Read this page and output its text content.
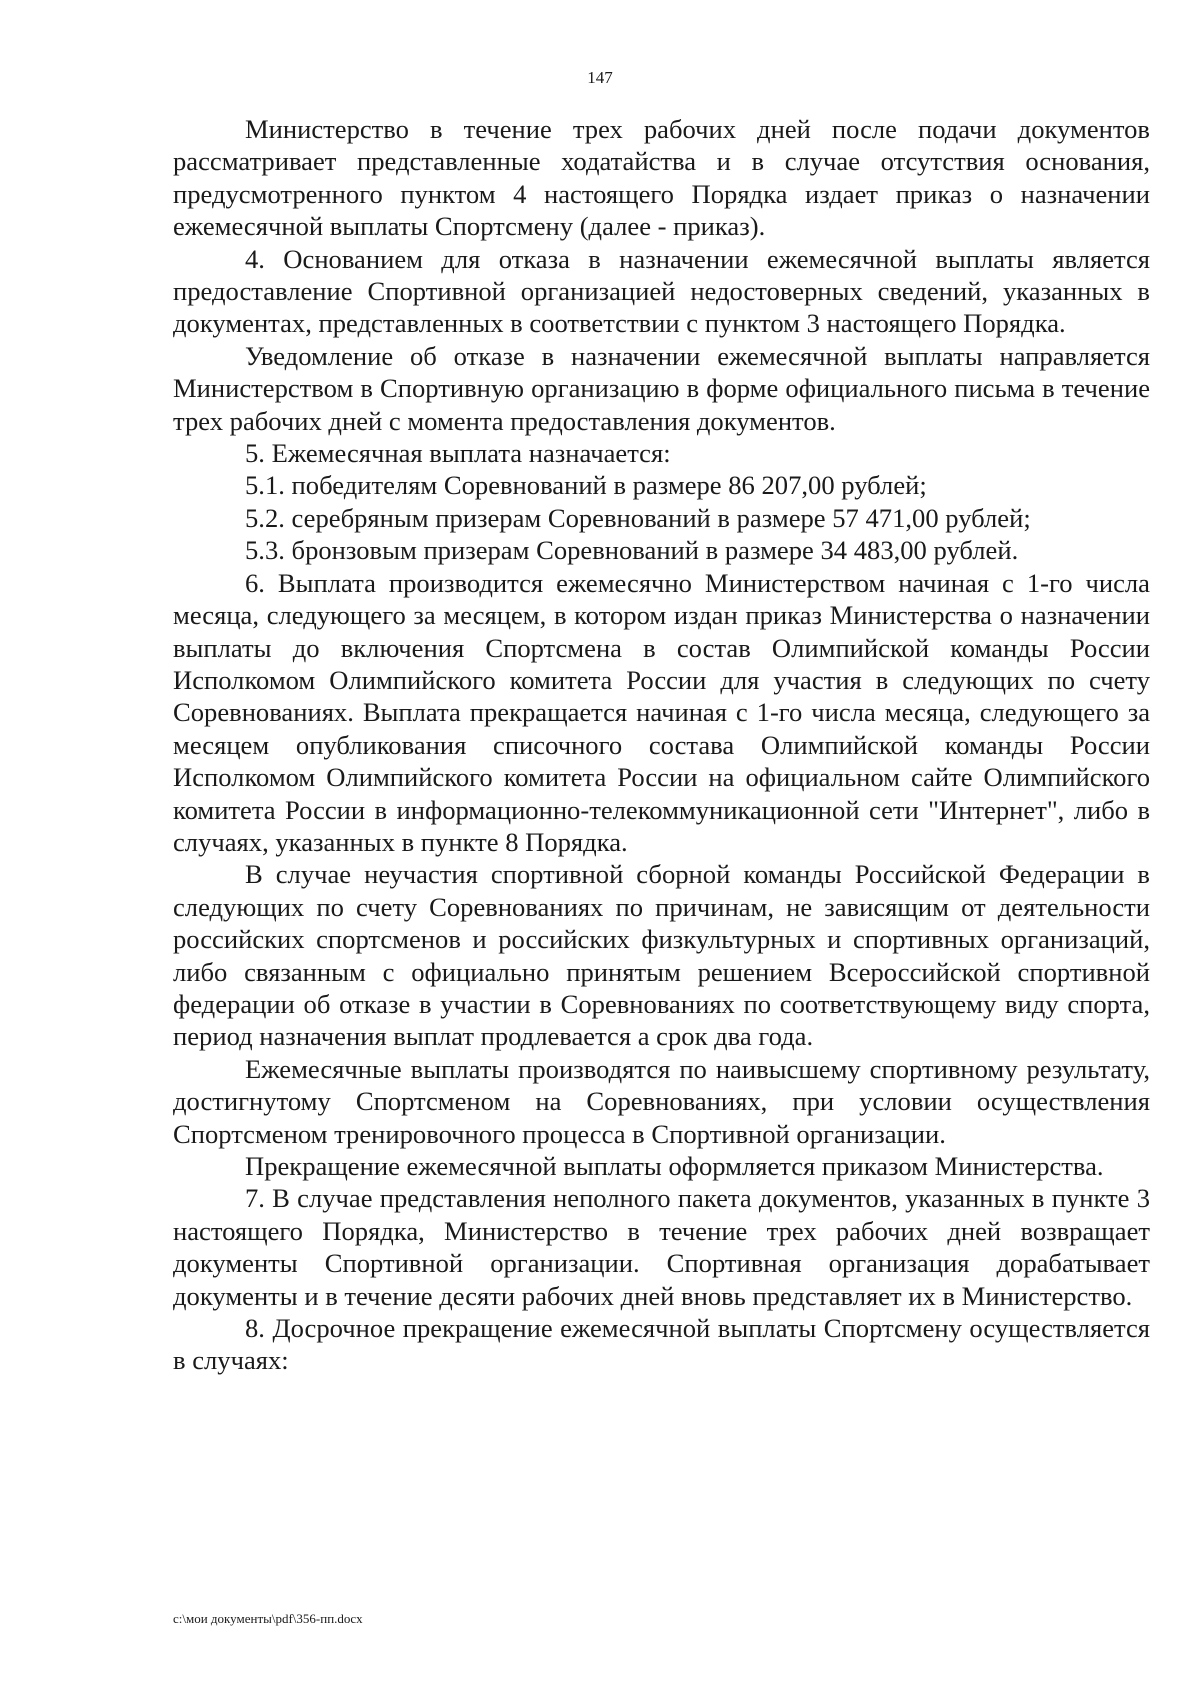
147

Министерство в течение трех рабочих дней после подачи документов рассматривает представленные ходатайства и в случае отсутствия основания, предусмотренного пунктом 4 настоящего Порядка издает приказ о назначении ежемесячной выплаты Спортсмену (далее - приказ).

4. Основанием для отказа в назначении ежемесячной выплаты является предоставление Спортивной организацией недостоверных сведений, указанных в документах, представленных в соответствии с пунктом 3 настоящего Порядка.

Уведомление об отказе в назначении ежемесячной выплаты направляется Министерством в Спортивную организацию в форме официального письма в течение трех рабочих дней с момента предоставления документов.

5. Ежемесячная выплата назначается:

5.1. победителям Соревнований в размере 86 207,00 рублей;

5.2. серебряным призерам Соревнований в размере 57 471,00 рублей;

5.3. бронзовым призерам Соревнований в размере 34 483,00 рублей.

6. Выплата производится ежемесячно Министерством начиная с 1-го числа месяца, следующего за месяцем, в котором издан приказ Министерства о назначении выплаты до включения Спортсмена в состав Олимпийской команды России Исполкомом Олимпийского комитета России для участия в следующих по счету Соревнованиях. Выплата прекращается начиная с 1-го числа месяца, следующего за месяцем опубликования списочного состава Олимпийской команды России Исполкомом Олимпийского комитета России на официальном сайте Олимпийского комитета России в информационно-телекоммуникационной сети "Интернет", либо в случаях, указанных в пункте 8 Порядка.

В случае неучастия спортивной сборной команды Российской Федерации в следующих по счету Соревнованиях по причинам, не зависящим от деятельности российских спортсменов и российских физкультурных и спортивных организаций, либо связанным с официально принятым решением Всероссийской спортивной федерации об отказе в участии в Соревнованиях по соответствующему виду спорта, период назначения выплат продлевается а срок два года.

Ежемесячные выплаты производятся по наивысшему спортивному результату, достигнутому Спортсменом на Соревнованиях, при условии осуществления Спортсменом тренировочного процесса в Спортивной организации.

Прекращение ежемесячной выплаты оформляется приказом Министерства.

7. В случае представления неполного пакета документов, указанных в пункте 3 настоящего Порядка, Министерство в течение трех рабочих дней возвращает документы Спортивной организации. Спортивная организация дорабатывает документы и в течение десяти рабочих дней вновь представляет их в Министерство.

8. Досрочное прекращение ежемесячной выплаты Спортсмену осуществляется в случаях:

c:\мои документы\pdf\356-пп.docx
